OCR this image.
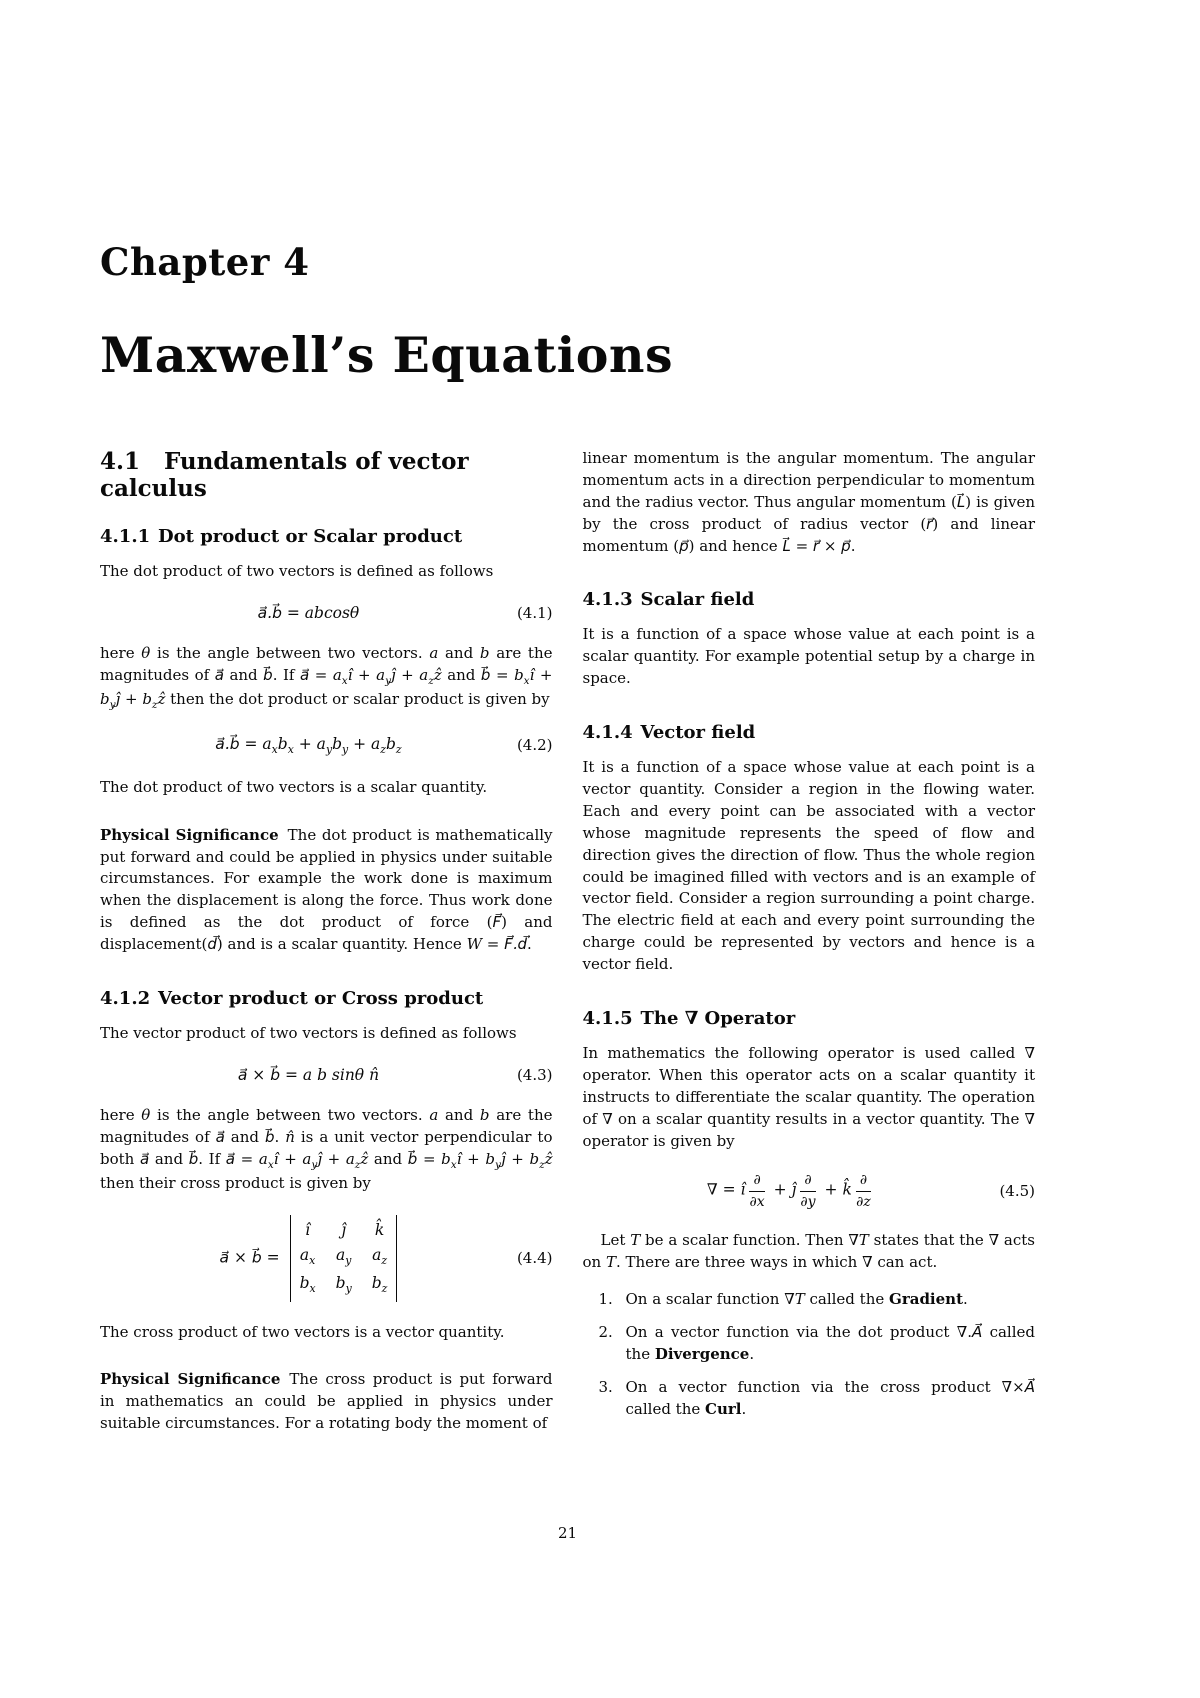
Chapter 4
Maxwell’s Equations
4.1 Fundamentals of vector calculus
4.1.1 Dot product or Scalar product

The dot product of two vectors is defined as follows

a⃗.b⃗ = abcosθ	(4.1)

here θ is the angle between two vectors. a and b are the magnitudes of a⃗ and b⃗. If a⃗ = $a_xî$ + $a_yĵ$ + $a_zẑ$ and b⃗ = $b_xî$ + $b_yĵ$ + $b_zẑ$ then the dot product or scalar product is given by

a⃗.b⃗ = $a_xb_x + a_yb_y + a_zb_z$	(4.2)

The dot product of two vectors is a scalar quantity.

Physical Significance The dot product is mathematically put forward and could be applied in physics under suitable circumstances. For example the work done is maximum when the displacement is along the force. Thus work done is defined as the dot product of force (F⃗) and displacement(d⃗) and is a scalar quantity. Hence W = F⃗.d⃗.

4.1.2 Vector product or Cross product

The vector product of two vectors is defined as follows

a⃗ × b⃗ = a b sinθ n̂	(4.3)

here θ is the angle between two vectors. a and b are the magnitudes of a⃗ and b⃗. n̂ is a unit vector perpendicular to both a⃗ and b⃗. If a⃗ = $a_xî$ + $a_yĵ$ + $a_zẑ$ and b⃗ = $b_xî$ + $b_yĵ$ + $b_zẑ$ then their cross product is given by

a⃗ × b⃗ =
î	ĵ	k̂
$a_x$ $a_y$ $a_z$
$b_x$ $b_y$ $b_z$
(4.4)

The cross product of two vectors is a vector quantity.

Physical Significance The cross product is put forward in mathematics an could be applied in physics under suitable circumstances. For a rotating body the moment of

linear momentum is the angular momentum. The angular momentum acts in a direction perpendicular to momentum and the radius vector. Thus angular momentum (L⃗) is given by the cross product of radius vector (r⃗) and linear momentum (p⃗) and hence L⃗ = r⃗ × p⃗.

4.1.3 Scalar field

It is a function of a space whose value at each point is a scalar quantity. For example potential setup by a charge in space.

4.1.4 Vector field

It is a function of a space whose value at each point is a vector quantity. Consider a region in the flowing water. Each and every point can be associated with a vector whose magnitude represents the speed of flow and direction gives the direction of flow. Thus the whole region could be imagined filled with vectors and is an example of vector field. Consider a region surrounding a point charge. The electric field at each and every point surrounding the charge could be represented by vectors and hence is a vector field.

4.1.5 The ∇ Operator

In mathematics the following operator is used called ∇ operator. When this operator acts on a scalar quantity it instructs to differentiate the scalar quantity. The operation of ∇ on a scalar quantity results in a vector quantity. The ∇ operator is given by

∇ = î $\frac{\partial}{\partial x}$ + ĵ $\frac{\partial}{\partial y}$ + k̂ $\frac{\partial}{\partial z}$	(4.5)

Let T be a scalar function. Then ∇T states that the ∇ acts on T. There are three ways in which ∇ can act.

1. On a scalar function ∇T called the Gradient.
2. On a vector function via the dot product ∇.A⃗ called the Divergence.
3. On a vector function via the cross product ∇×A⃗ called the Curl.
21
